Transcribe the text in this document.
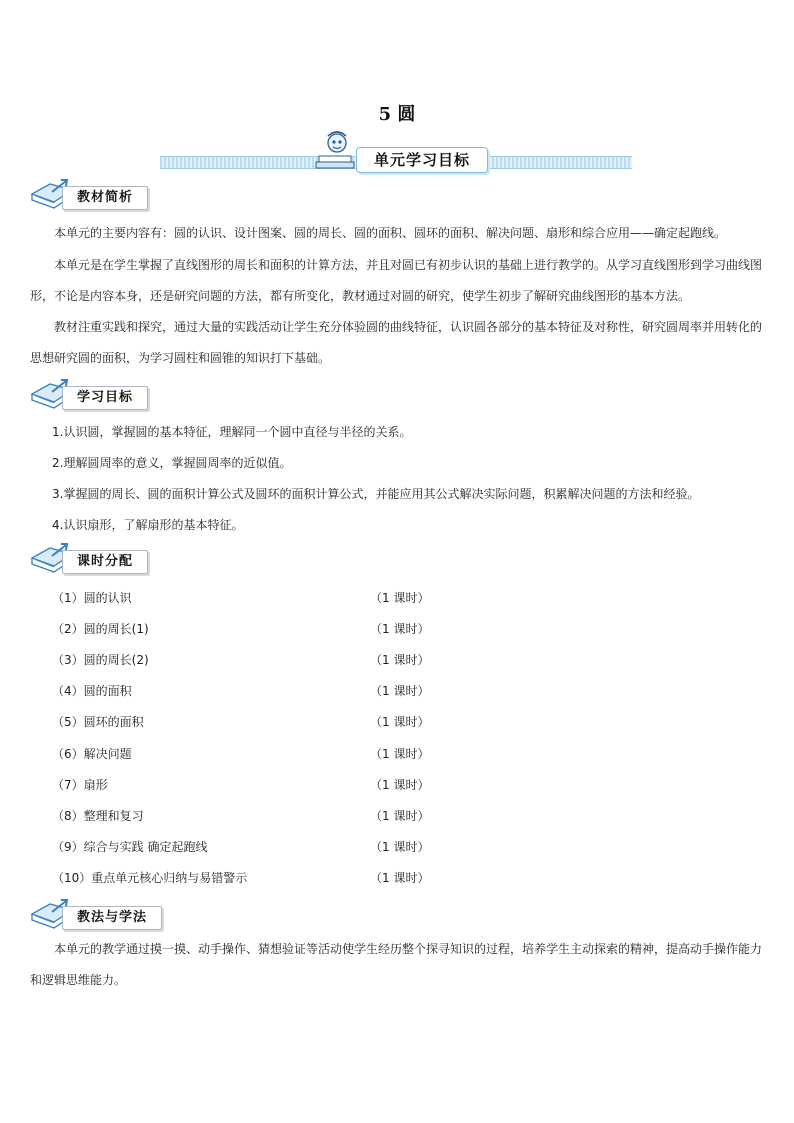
5 圆
单元学习目标
教材简析

本单元的主要内容有：圆的认识、设计图案、圆的周长、圆的面积、圆环的面积、解决问题、扇形和综合应用——确定起跑线。

本单元是在学生掌握了直线图形的周长和面积的计算方法，并且对圆已有初步认识的基础上进行教学的。从学习直线图形到学习曲线图形，不论是内容本身，还是研究问题的方法，都有所变化，教材通过对圆的研究，使学生初步了解研究曲线图形的基本方法。

教材注重实践和探究，通过大量的实践活动让学生充分体验圆的曲线特征，认识圆各部分的基本特征及对称性，研究圆周率并用转化的思想研究圆的面积，为学习圆柱和圆锥的知识打下基础。

学习目标
1.认识圆，掌握圆的基本特征，理解同一个圆中直径与半径的关系。
2.理解圆周率的意义，掌握圆周率的近似值。
3.掌握圆的周长、圆的面积计算公式及圆环的面积计算公式，并能应用其公式解决实际问题，积累解决问题的方法和经验。
4.认识扇形，了解扇形的基本特征。
课时分配
（1）圆的认识	（1 课时）
（2）圆的周长(1)	（1 课时）
（3）圆的周长(2)	（1 课时）
（4）圆的面积	（1 课时）
（5）圆环的面积	（1 课时）
（6）解决问题	（1 课时）
（7）扇形	（1 课时）
（8）整理和复习	（1 课时）
（9）综合与实践 确定起跑线	（1 课时）
（10）重点单元核心归纳与易错警示	（1 课时）
教法与学法

本单元的教学通过摸一摸、动手操作、猜想验证等活动使学生经历整个探寻知识的过程，培养学生主动探索的精神，提高动手操作能力和逻辑思维能力。
